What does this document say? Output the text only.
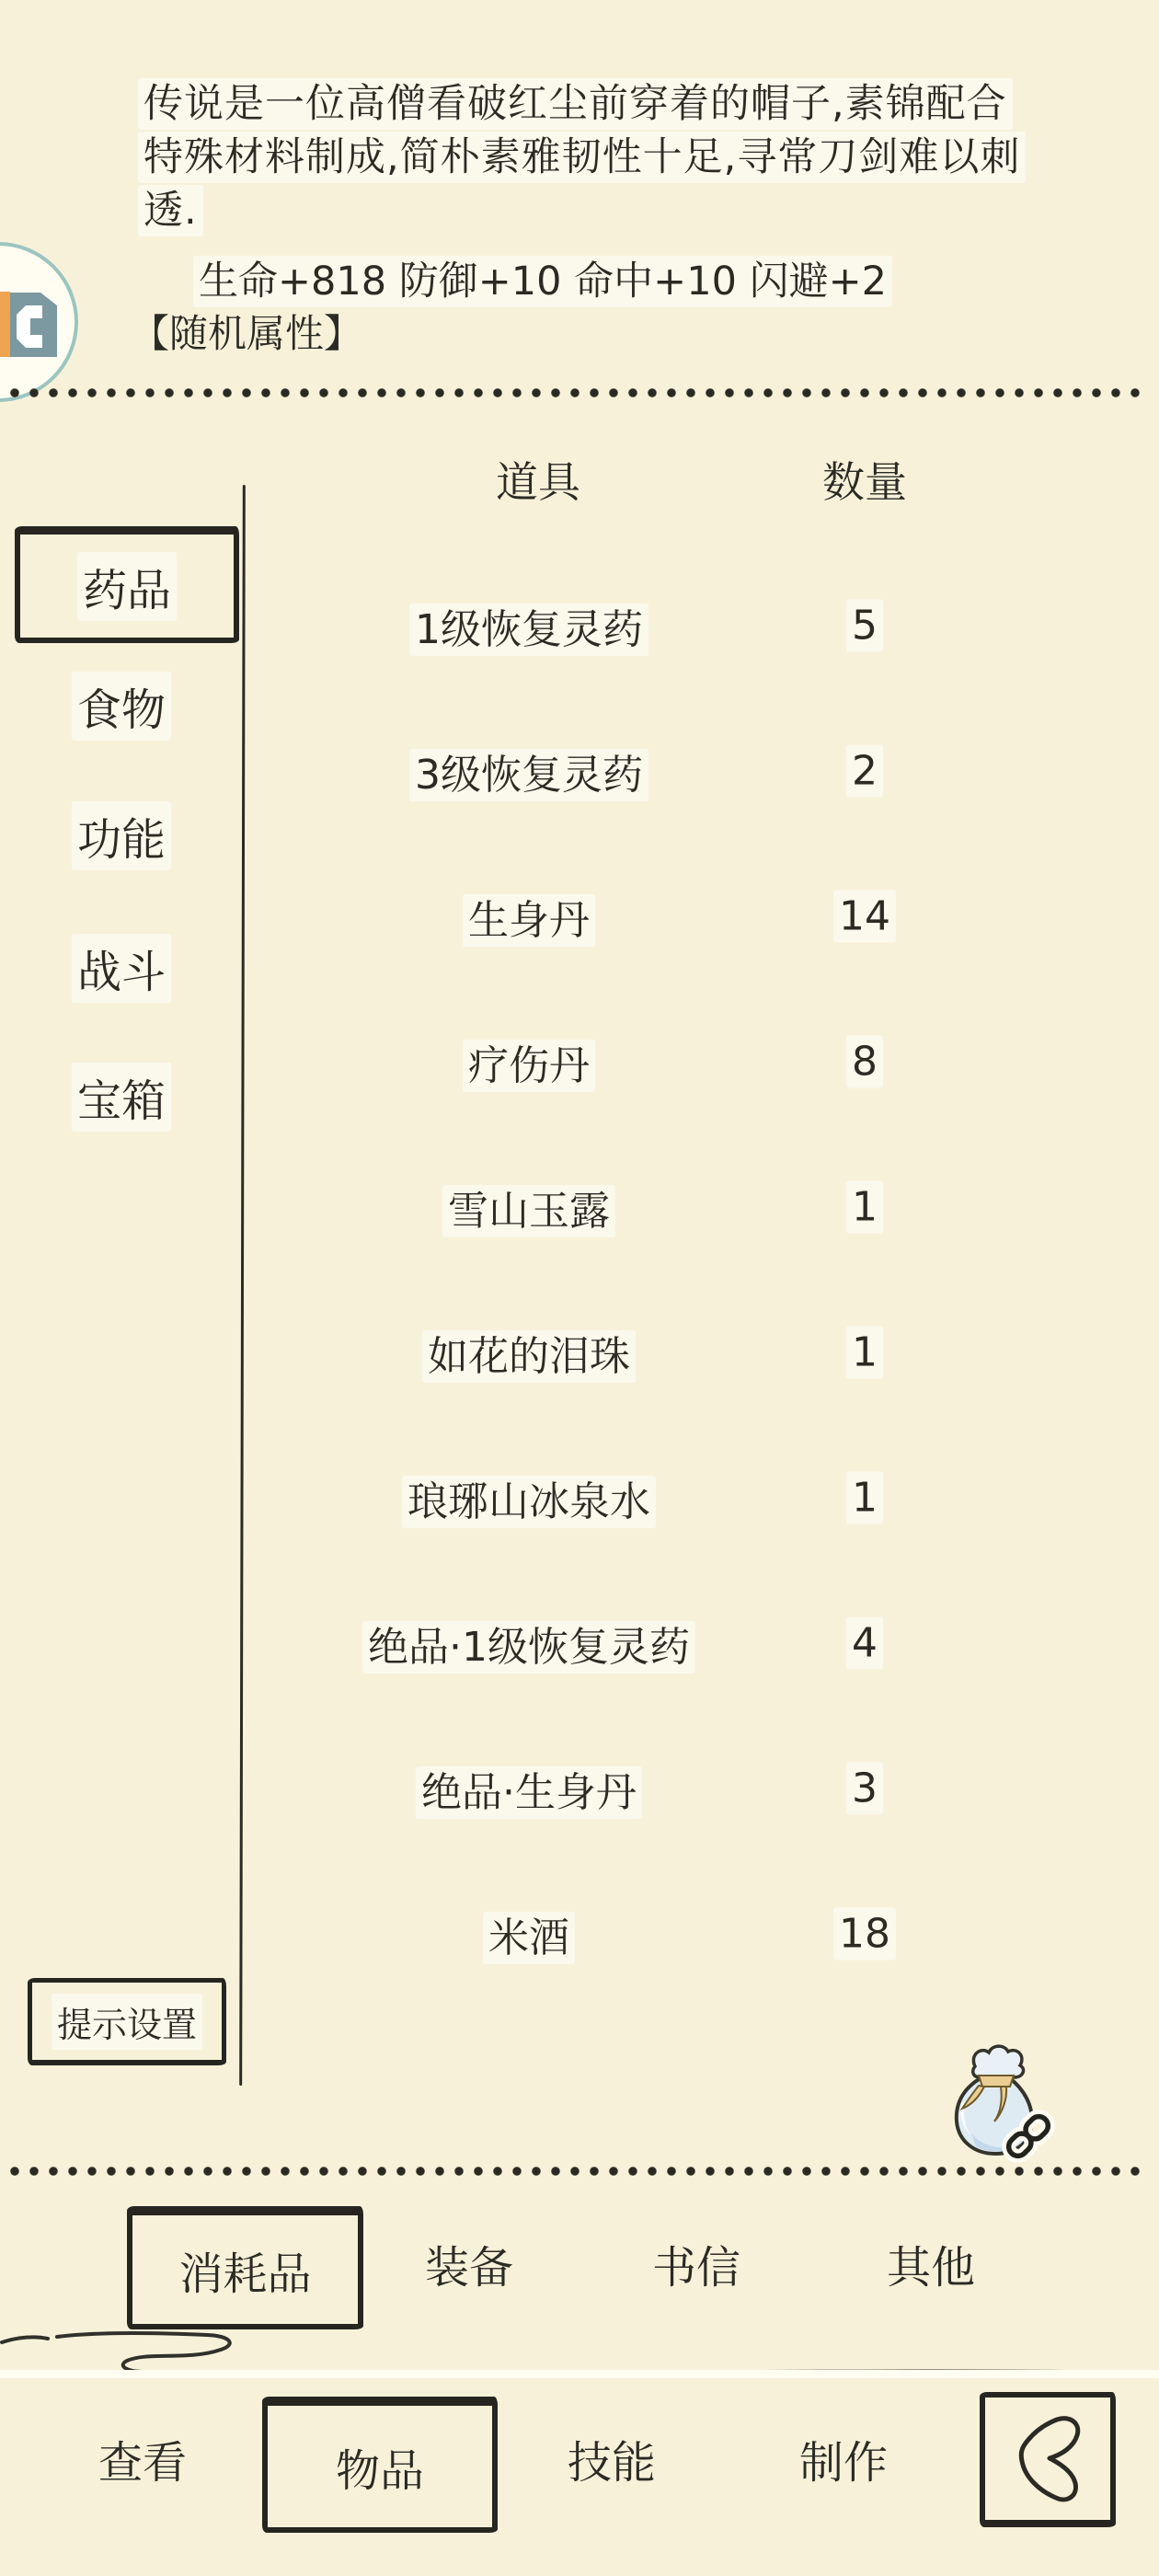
传说是一位高僧看破红尘前穿着的帽子,素锦配合特殊材料制成,简朴素雅韧性十足,寻常刀剑难以刺透.
生命+818 防御+10 命中+10 闪避+2
【随机属性】
药品
食物
功能
战斗
宝箱
提示设置
道具	数量
1级恢复灵药	5
3级恢复灵药	2
生身丹	14
疗伤丹	8
雪山玉露	1
如花的泪珠	1
琅琊山冰泉水	1
绝品·1级恢复灵药	4
绝品·生身丹	3
米酒	18
消耗品	装备	书信	其他
查看	物品	技能	制作
